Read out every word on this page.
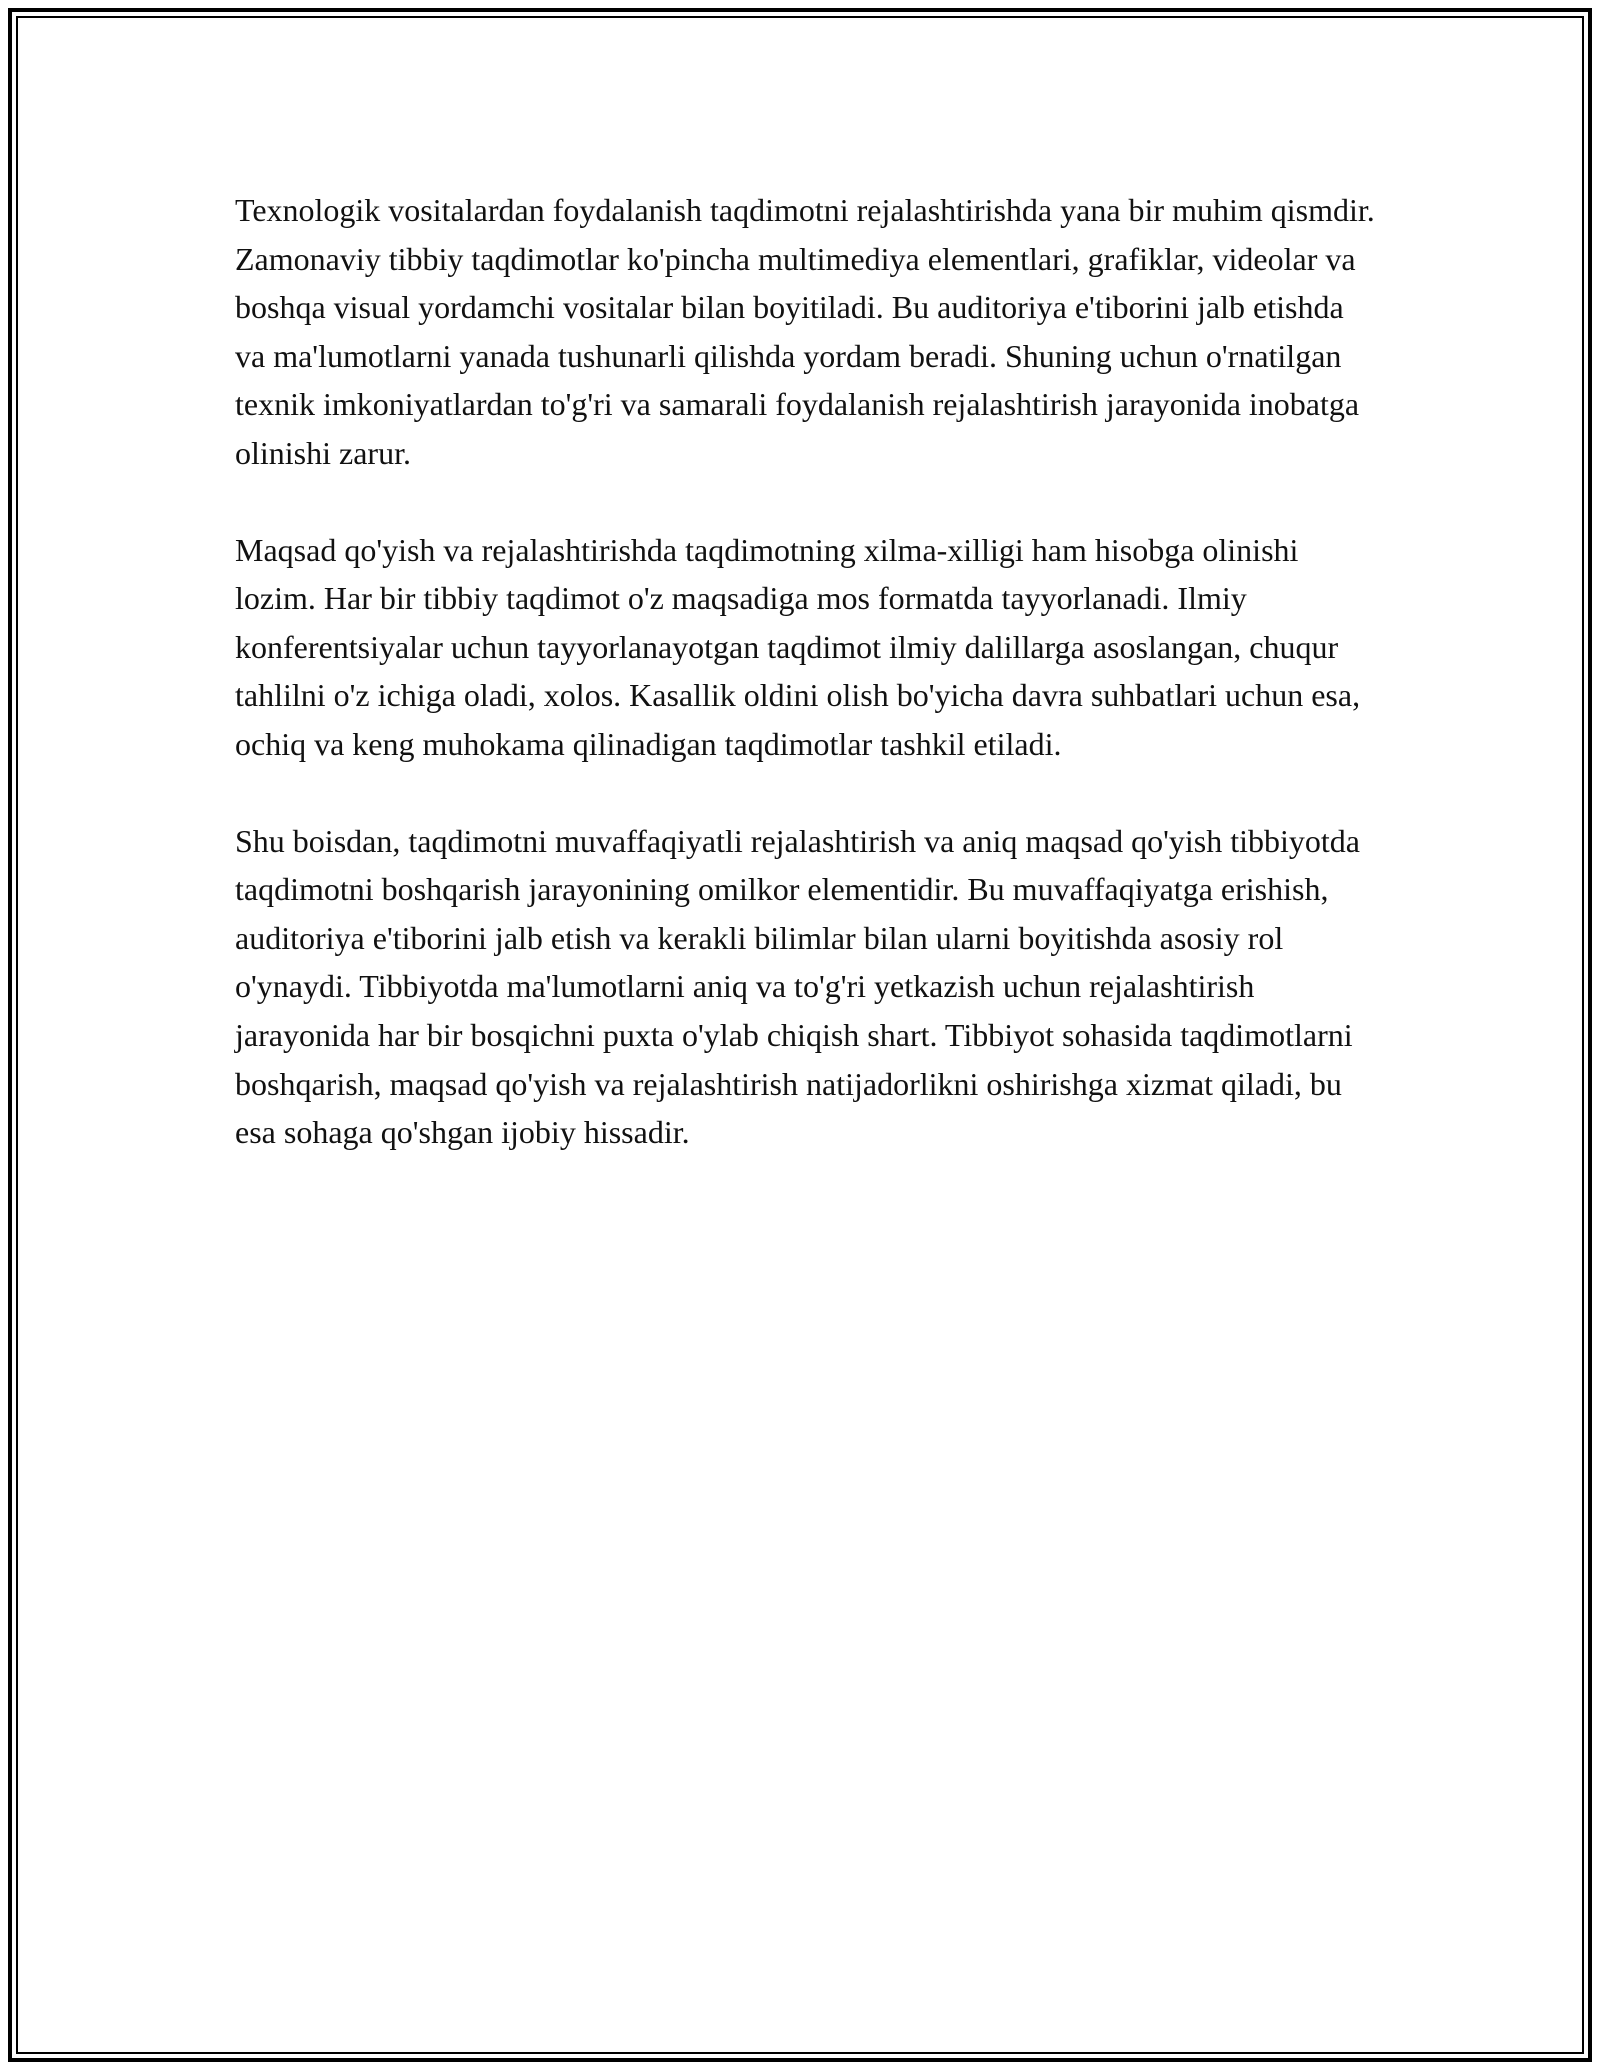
Texnologik vositalardan foydalanish taqdimotni rejalashtirishda yana bir muhim qismdir. Zamonaviy tibbiy taqdimotlar ko'pincha multimediya elementlari, grafiklar, videolar va boshqa visual yordamchi vositalar bilan boyitiladi. Bu auditoriya e'tiborini jalb etishda va ma'lumotlarni yanada tushunarli qilishda yordam beradi. Shuning uchun o'rnatilgan texnik imkoniyatlardan to'g'ri va samarali foydalanish rejalashtirish jarayonida inobatga olinishi zarur.

Maqsad qo'yish va rejalashtirishda taqdimotning xilma-xilligi ham hisobga olinishi lozim. Har bir tibbiy taqdimot o'z maqsadiga mos formatda tayyorlanadi. Ilmiy konferentsiyalar uchun tayyorlanayotgan taqdimot ilmiy dalillarga asoslangan, chuqur tahlilni o'z ichiga oladi, xolos. Kasallik oldini olish bo'yicha davra suhbatlari uchun esa, ochiq va keng muhokama qilinadigan taqdimotlar tashkil etiladi.

Shu boisdan, taqdimotni muvaffaqiyatli rejalashtirish va aniq maqsad qo'yish tibbiyotda taqdimotni boshqarish jarayonining omilkor elementidir. Bu muvaffaqiyatga erishish, auditoriya e'tiborini jalb etish va kerakli bilimlar bilan ularni boyitishda asosiy rol o'ynaydi. Tibbiyotda ma'lumotlarni aniq va to'g'ri yetkazish uchun rejalashtirish jarayonida har bir bosqichni puxta o'ylab chiqish shart. Tibbiyot sohasida taqdimotlarni boshqarish, maqsad qo'yish va rejalashtirish natijadorlikni oshirishga xizmat qiladi, bu esa sohaga qo'shgan ijobiy hissadir.
